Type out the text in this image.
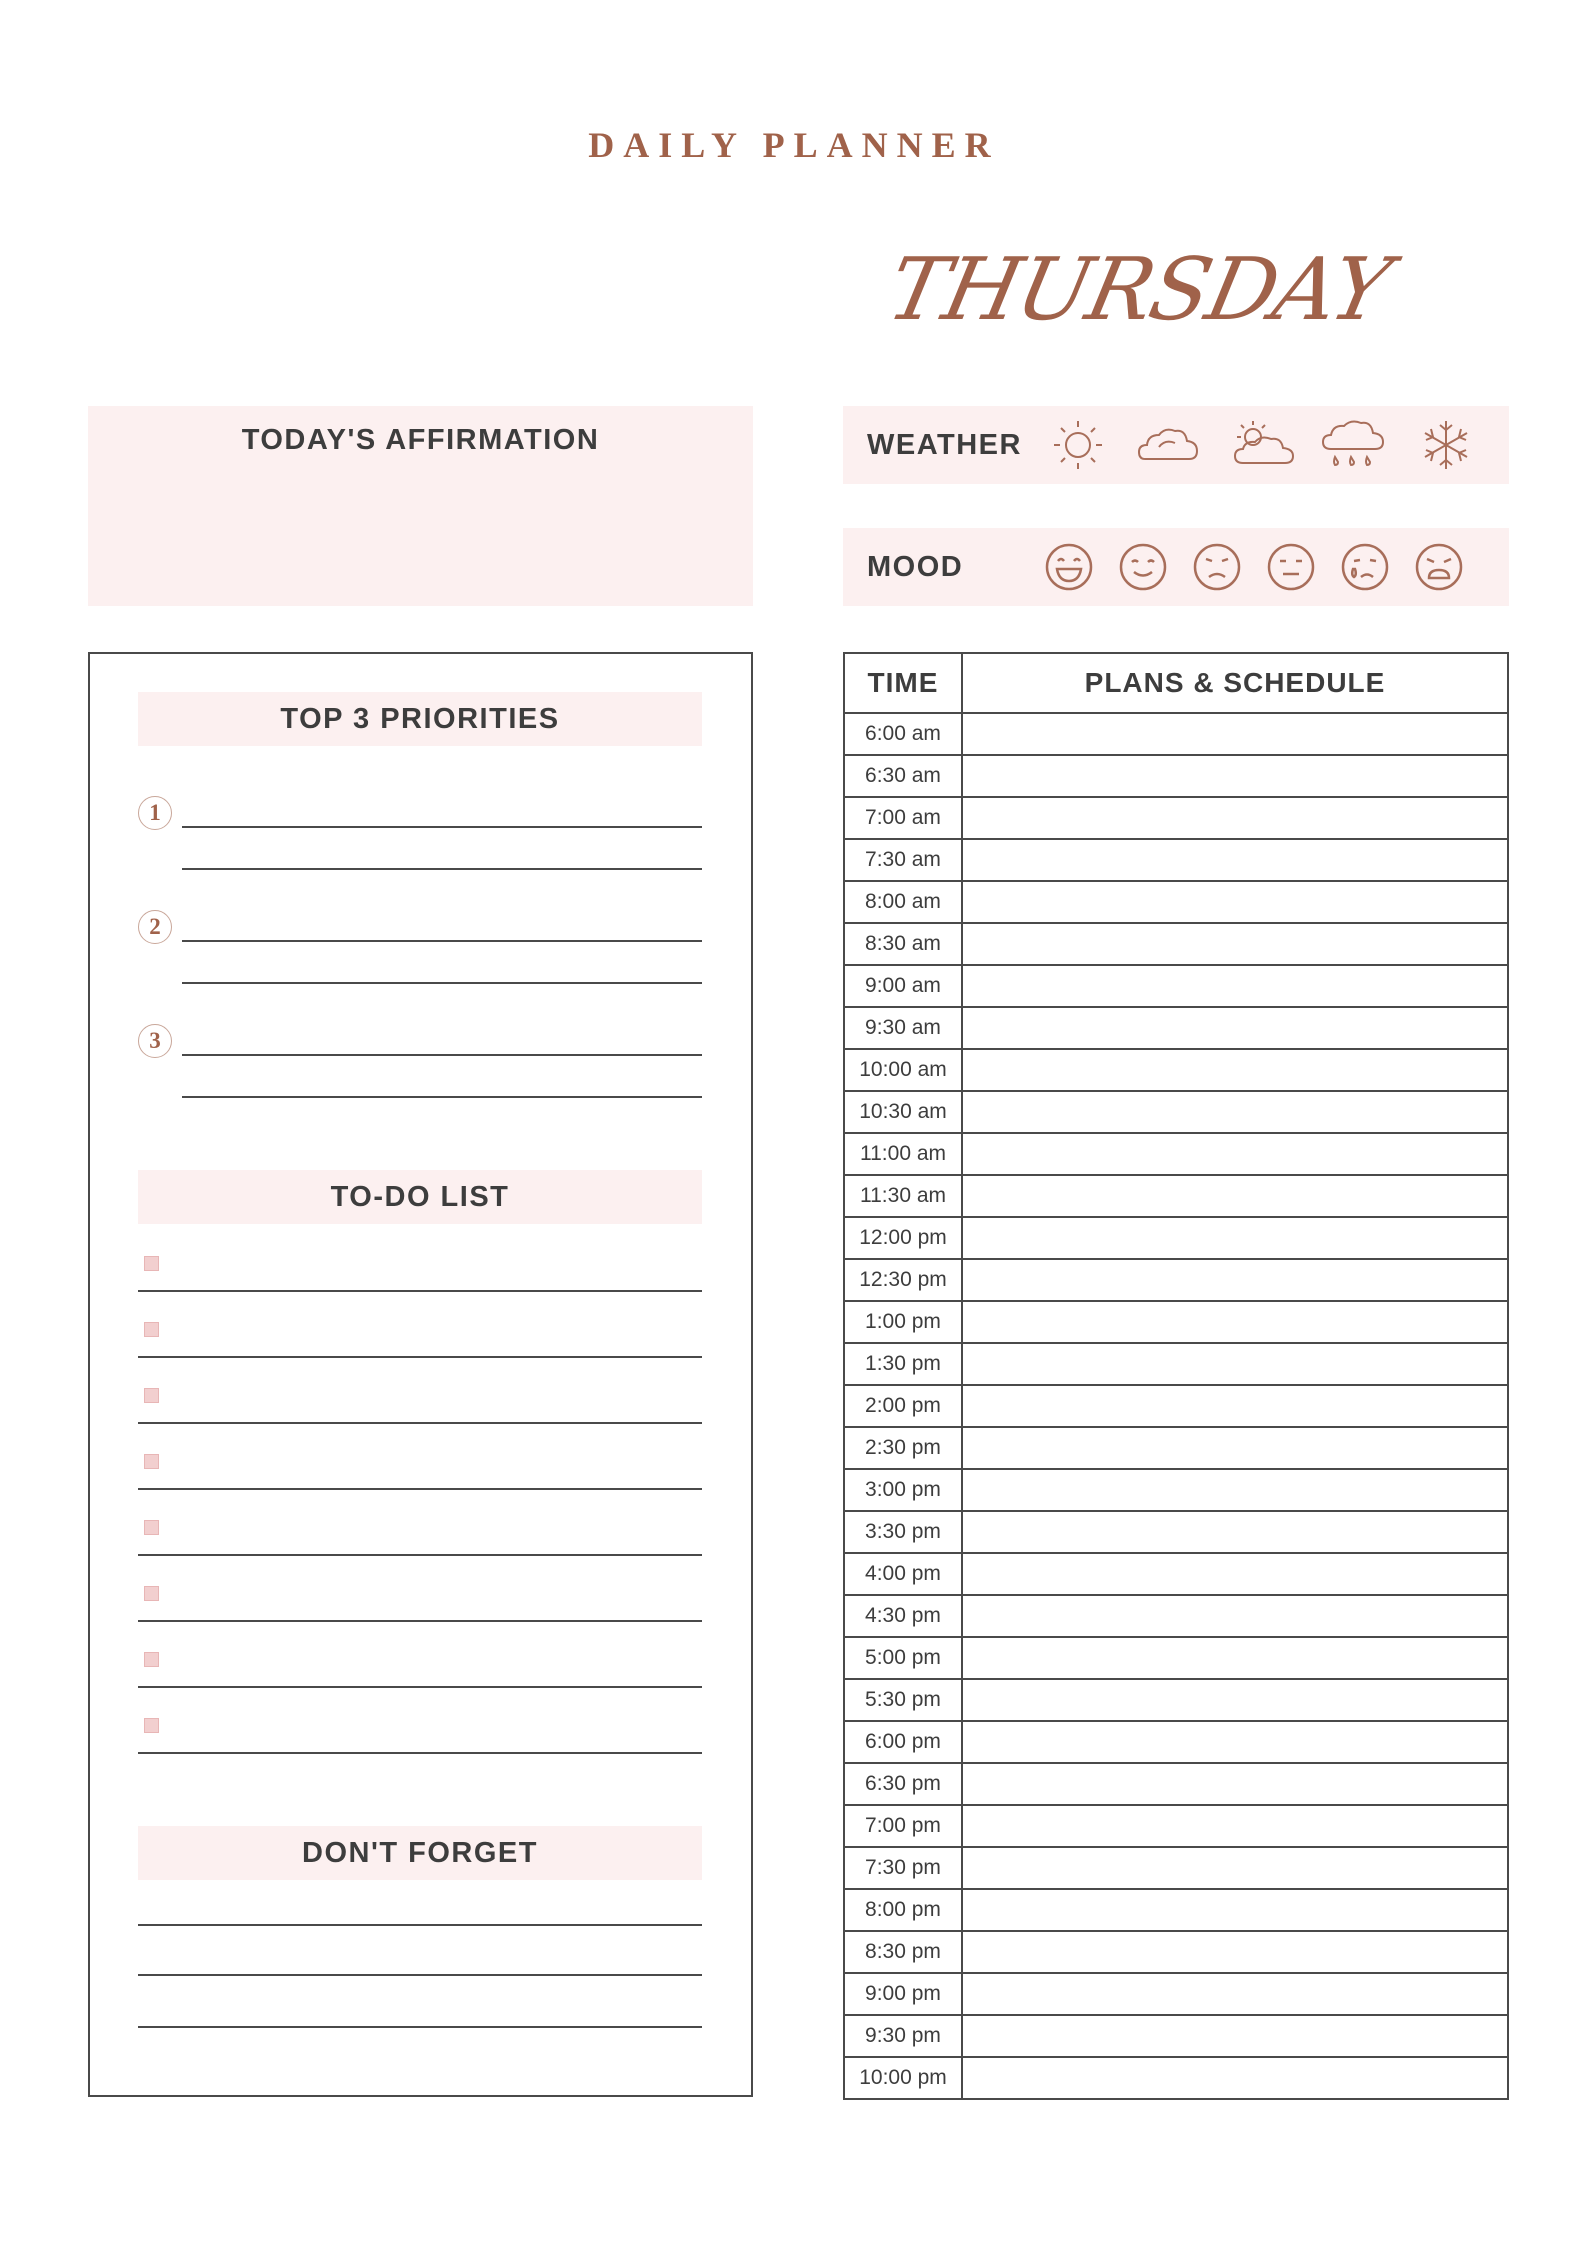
DAILY PLANNER
THURSDAY
TODAY'S AFFIRMATION	WEATHER
MOOD
TOP 3 PRIORITIES
1
2
3
TO-DO LIST
DON'T FORGET
TIME	PLANS & SCHEDULE
6:00 am	
6:30 am	
7:00 am	
7:30 am	
8:00 am	
8:30 am	
9:00 am	
9:30 am	
10:00 am	
10:30 am	
11:00 am	
11:30 am	
12:00 pm	
12:30 pm	
1:00 pm	
1:30 pm	
2:00 pm	
2:30 pm	
3:00 pm	
3:30 pm	
4:00 pm	
4:30 pm	
5:00 pm	
5:30 pm	
6:00 pm	
6:30 pm	
7:00 pm	
7:30 pm	
8:00 pm	
8:30 pm	
9:00 pm	
9:30 pm	
10:00 pm	
